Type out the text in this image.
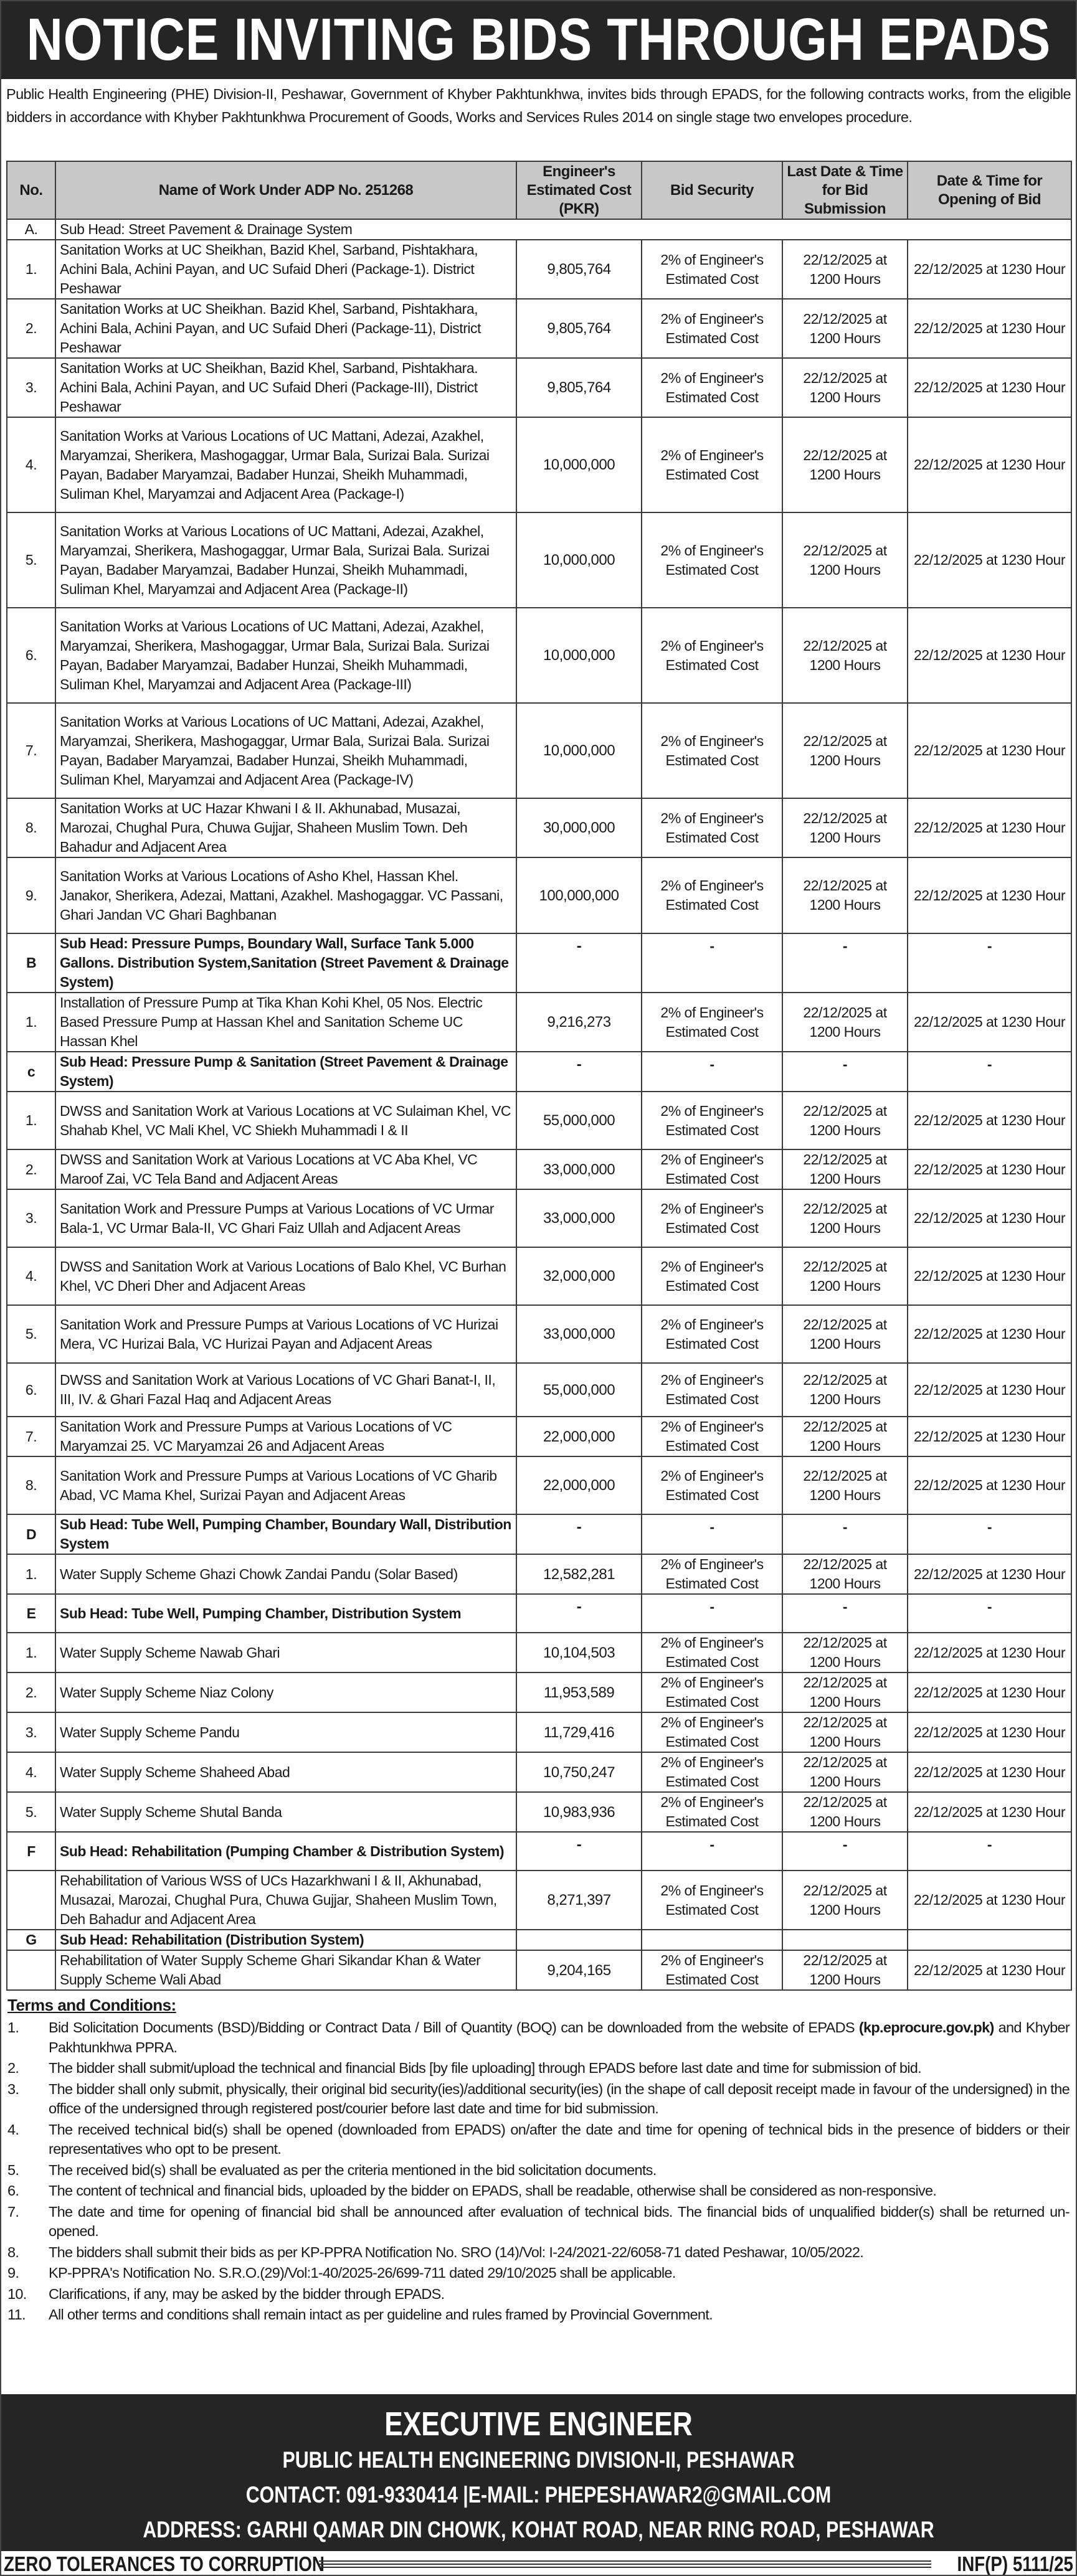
NOTICE INVITING BIDS THROUGH EPADS

Public Health Engineering (PHE) Division-II, Peshawar, Government of Khyber Pakhtunkhwa, invites bids through EPADS, for the following contracts works, from the eligible bidders in accordance with Khyber Pakhtunkhwa Procurement of Goods, Works and Services Rules 2014 on single stage two envelopes procedure.

No.	Name of Work Under ADP No. 251268	Engineer's Estimated Cost (PKR)	Bid Security	Last Date & Time for Bid Submission	Date & Time for Opening of Bid
A.	Sub Head: Street Pavement & Drainage System				
1.	Sanitation Works at UC Sheikhan, Bazid Khel, Sarband, Pishtakhara, Achini Bala, Achini Payan, and UC Sufaid Dheri (Package-1). District Peshawar	9,805,764	2% of Engineer's Estimated Cost	22/12/2025 at 1200 Hours	22/12/2025 at 1230 Hour
2.	Sanitation Works at UC Sheikhan. Bazid Khel, Sarband, Pishtakhara, Achini Bala, Achini Payan, and UC Sufaid Dheri (Package-11), District Peshawar	9,805,764	2% of Engineer's Estimated Cost	22/12/2025 at 1200 Hours	22/12/2025 at 1230 Hour
3.	Sanitation Works at UC Sheikhan, Bazid Khel, Sarband, Pishtakhara. Achini Bala, Achini Payan, and UC Sufaid Dheri (Package-III), District Peshawar	9,805,764	2% of Engineer's Estimated Cost	22/12/2025 at 1200 Hours	22/12/2025 at 1230 Hour
4.	Sanitation Works at Various Locations of UC Mattani, Adezai, Azakhel, Maryamzai, Sherikera, Mashogaggar, Urmar Bala, Surizai Bala. Surizai Payan, Badaber Maryamzai, Badaber Hunzai, Sheikh Muhammadi, Suliman Khel, Maryamzai and Adjacent Area (Package-I)	10,000,000	2% of Engineer's Estimated Cost	22/12/2025 at 1200 Hours	22/12/2025 at 1230 Hour
5.	Sanitation Works at Various Locations of UC Mattani, Adezai, Azakhel, Maryamzai, Sherikera, Mashogaggar, Urmar Bala, Surizai Bala. Surizai Payan, Badaber Maryamzai, Badaber Hunzai, Sheikh Muhammadi, Suliman Khel, Maryamzai and Adjacent Area (Package-II)	10,000,000	2% of Engineer's Estimated Cost	22/12/2025 at 1200 Hours	22/12/2025 at 1230 Hour
6.	Sanitation Works at Various Locations of UC Mattani, Adezai, Azakhel, Maryamzai, Sherikera, Mashogaggar, Urmar Bala, Surizai Bala. Surizai Payan, Badaber Maryamzai, Badaber Hunzai, Sheikh Muhammadi, Suliman Khel, Maryamzai and Adjacent Area (Package-III)	10,000,000	2% of Engineer's Estimated Cost	22/12/2025 at 1200 Hours	22/12/2025 at 1230 Hour
7.	Sanitation Works at Various Locations of UC Mattani, Adezai, Azakhel, Maryamzai, Sherikera, Mashogaggar, Urmar Bala, Surizai Bala. Surizai Payan, Badaber Maryamzai, Badaber Hunzai, Sheikh Muhammadi, Suliman Khel, Maryamzai and Adjacent Area (Package-IV)	10,000,000	2% of Engineer's Estimated Cost	22/12/2025 at 1200 Hours	22/12/2025 at 1230 Hour
8.	Sanitation Works at UC Hazar Khwani I & II. Akhunabad, Musazai, Marozai, Chughal Pura, Chuwa Gujjar, Shaheen Muslim Town. Deh Bahadur and Adjacent Area	30,000,000	2% of Engineer's Estimated Cost	22/12/2025 at 1200 Hours	22/12/2025 at 1230 Hour
9.	Sanitation Works at Various Locations of Asho Khel, Hassan Khel. Janakor, Sherikera, Adezai, Mattani, Azakhel. Mashogaggar. VC Passani, Ghari Jandan VC Ghari Baghbanan	100,000,000	2% of Engineer's Estimated Cost	22/12/2025 at 1200 Hours	22/12/2025 at 1230 Hour
B	Sub Head: Pressure Pumps, Boundary Wall, Surface Tank 5.000 Gallons. Distribution System,Sanitation (Street Pavement & Drainage System)	-	-	-	-
1.	Installation of Pressure Pump at Tika Khan Kohi Khel, 05 Nos. Electric Based Pressure Pump at Hassan Khel and Sanitation Scheme UC Hassan Khel	9,216,273	2% of Engineer's Estimated Cost	22/12/2025 at 1200 Hours	22/12/2025 at 1230 Hour
c	Sub Head: Pressure Pump & Sanitation (Street Pavement & Drainage System)	-	-	-	-
1.	DWSS and Sanitation Work at Various Locations at VC Sulaiman Khel, VC Shahab Khel, VC Mali Khel, VC Shiekh Muhammadi I & II	55,000,000	2% of Engineer's Estimated Cost	22/12/2025 at 1200 Hours	22/12/2025 at 1230 Hour
2.	DWSS and Sanitation Work at Various Locations at VC Aba Khel, VC Maroof Zai, VC Tela Band and Adjacent Areas	33,000,000	2% of Engineer's Estimated Cost	22/12/2025 at 1200 Hours	22/12/2025 at 1230 Hour
3.	Sanitation Work and Pressure Pumps at Various Locations of VC Urmar Bala-1, VC Urmar Bala-II, VC Ghari Faiz Ullah and Adjacent Areas	33,000,000	2% of Engineer's Estimated Cost	22/12/2025 at 1200 Hours	22/12/2025 at 1230 Hour
4.	DWSS and Sanitation Work at Various Locations of Balo Khel, VC Burhan Khel, VC Dheri Dher and Adjacent Areas	32,000,000	2% of Engineer's Estimated Cost	22/12/2025 at 1200 Hours	22/12/2025 at 1230 Hour
5.	Sanitation Work and Pressure Pumps at Various Locations of VC Hurizai Mera, VC Hurizai Bala, VC Hurizai Payan and Adjacent Areas	33,000,000	2% of Engineer's Estimated Cost	22/12/2025 at 1200 Hours	22/12/2025 at 1230 Hour
6.	DWSS and Sanitation Work at Various Locations of VC Ghari Banat-I, II, III, IV. & Ghari Fazal Haq and Adjacent Areas	55,000,000	2% of Engineer's Estimated Cost	22/12/2025 at 1200 Hours	22/12/2025 at 1230 Hour
7.	Sanitation Work and Pressure Pumps at Various Locations of VC Maryamzai 25. VC Maryamzai 26 and Adjacent Areas	22,000,000	2% of Engineer's Estimated Cost	22/12/2025 at 1200 Hours	22/12/2025 at 1230 Hour
8.	Sanitation Work and Pressure Pumps at Various Locations of VC Gharib Abad, VC Mama Khel, Surizai Payan and Adjacent Areas	22,000,000	2% of Engineer's Estimated Cost	22/12/2025 at 1200 Hours	22/12/2025 at 1230 Hour
D	Sub Head: Tube Well, Pumping Chamber, Boundary Wall, Distribution System	-	-	-	-
1.	Water Supply Scheme Ghazi Chowk Zandai Pandu (Solar Based)	12,582,281	2% of Engineer's Estimated Cost	22/12/2025 at 1200 Hours	22/12/2025 at 1230 Hour
E	Sub Head: Tube Well, Pumping Chamber, Distribution System	-	-	-	-
1.	Water Supply Scheme Nawab Ghari	10,104,503	2% of Engineer's Estimated Cost	22/12/2025 at 1200 Hours	22/12/2025 at 1230 Hour
2.	Water Supply Scheme Niaz Colony	11,953,589	2% of Engineer's Estimated Cost	22/12/2025 at 1200 Hours	22/12/2025 at 1230 Hour
3.	Water Supply Scheme Pandu	11,729,416	2% of Engineer's Estimated Cost	22/12/2025 at 1200 Hours	22/12/2025 at 1230 Hour
4.	Water Supply Scheme Shaheed Abad	10,750,247	2% of Engineer's Estimated Cost	22/12/2025 at 1200 Hours	22/12/2025 at 1230 Hour
5.	Water Supply Scheme Shutal Banda	10,983,936	2% of Engineer's Estimated Cost	22/12/2025 at 1200 Hours	22/12/2025 at 1230 Hour
F	Sub Head: Rehabilitation (Pumping Chamber & Distribution System)	-	-	-	-
	Rehabilitation of Various WSS of UCs Hazarkhwani I & II, Akhunabad, Musazai, Marozai, Chughal Pura, Chuwa Gujjar, Shaheen Muslim Town, Deh Bahadur and Adjacent Area	8,271,397	2% of Engineer's Estimated Cost	22/12/2025 at 1200 Hours	22/12/2025 at 1230 Hour
G	Sub Head: Rehabilitation (Distribution System)				
	Rehabilitation of Water Supply Scheme Ghari Sikandar Khan & Water Supply Scheme Wali Abad	9,204,165	2% of Engineer's Estimated Cost	22/12/2025 at 1200 Hours	22/12/2025 at 1230 Hour
Terms and Conditions:
1.	Bid Solicitation Documents (BSD)/Bidding or Contract Data / Bill of Quantity (BOQ) can be downloaded from the website of EPADS (kp.eprocure.gov.pk) and Khyber Pakhtunkhwa PPRA.
2.	The bidder shall submit/upload the technical and financial Bids [by file uploading] through EPADS before last date and time for submission of bid.
3.	The bidder shall only submit, physically, their original bid security(ies)/additional security(ies) (in the shape of call deposit receipt made in favour of the undersigned) in the office of the undersigned through registered post/courier before last date and time for bid submission.
4.	The received technical bid(s) shall be opened (downloaded from EPADS) on/after the date and time for opening of technical bids in the presence of bidders or their representatives who opt to be present.
5.	The received bid(s) shall be evaluated as per the criteria mentioned in the bid solicitation documents.
6.	The content of technical and financial bids, uploaded by the bidder on EPADS, shall be readable, otherwise shall be considered as non-responsive.
7.	The date and time for opening of financial bid shall be announced after evaluation of technical bids. The financial bids of unqualified bidder(s) shall be returned un-opened.
8.	The bidders shall submit their bids as per KP-PPRA Notification No. SRO (14)/Vol: I-24/2021-22/6058-71 dated Peshawar, 10/05/2022.
9.	KP-PPRA's Notification No. S.R.O.(29)/Vol:1-40/2025-26/699-711 dated 29/10/2025 shall be applicable.
10.	Clarifications, if any, may be asked by the bidder through EPADS.
11.	All other terms and conditions shall remain intact as per guideline and rules framed by Provincial Government.
EXECUTIVE ENGINEER
PUBLIC HEALTH ENGINEERING DIVISION-II, PESHAWAR
CONTACT: 091-9330414 |E-MAIL: PHEPESHAWAR2@GMAIL.COM
ADDRESS: GARHI QAMAR DIN CHOWK, KOHAT ROAD, NEAR RING ROAD, PESHAWAR
ZERO TOLERANCES TO CORRUPTION	INF(P) 5111/25
